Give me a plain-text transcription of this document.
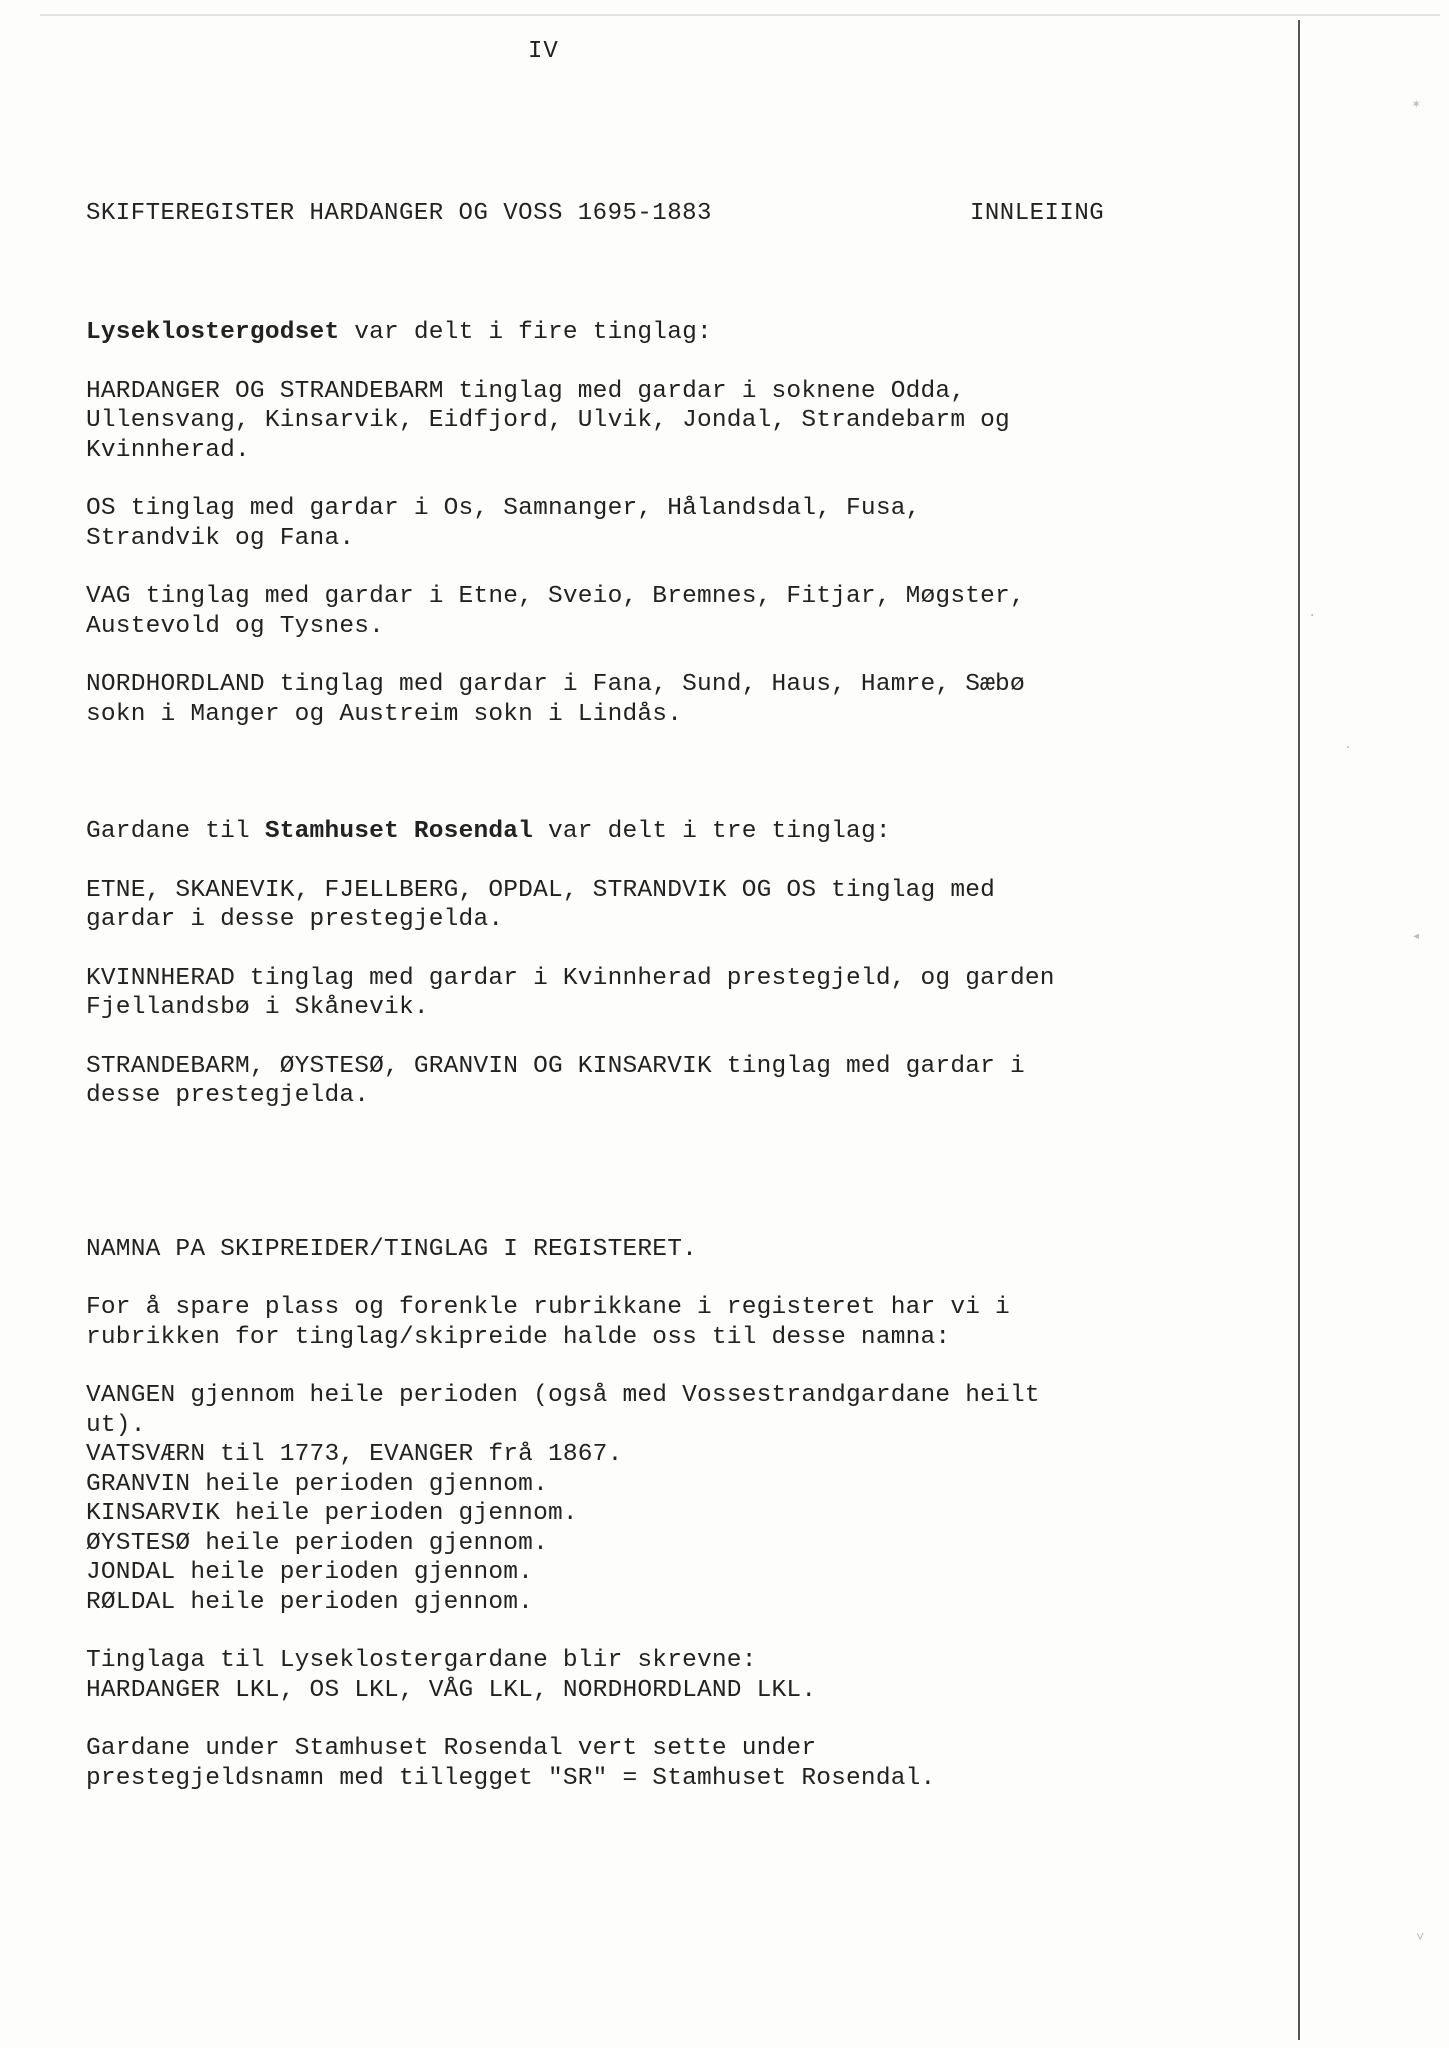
✶
·
·
◂
˅
IV
SKIFTEREGISTER HARDANGER OG VOSS 1695-1883	INNLEIING

Lyseklostergodset var delt i fire tinglag:

HARDANGER OG STRANDEBARM tinglag med gardar i soknene Odda,
Ullensvang, Kinsarvik, Eidfjord, Ulvik, Jondal, Strandebarm og
Kvinnherad.

OS tinglag med gardar i Os, Samnanger, Hålandsdal, Fusa,
Strandvik og Fana.

VAG tinglag med gardar i Etne, Sveio, Bremnes, Fitjar, Møgster,
Austevold og Tysnes.

NORDHORDLAND tinglag med gardar i Fana, Sund, Haus, Hamre, Sæbø
sokn i Manger og Austreim sokn i Lindås.

Gardane til Stamhuset Rosendal var delt i tre tinglag:

ETNE, SKANEVIK, FJELLBERG, OPDAL, STRANDVIK OG OS tinglag med
gardar i desse prestegjelda.

KVINNHERAD tinglag med gardar i Kvinnherad prestegjeld, og garden
Fjellandsbø i Skånevik.

STRANDEBARM, ØYSTESØ, GRANVIN OG KINSARVIK tinglag med gardar i
desse prestegjelda.

NAMNA PA SKIPREIDER/TINGLAG I REGISTERET.

For å spare plass og forenkle rubrikkane i registeret har vi i
rubrikken for tinglag/skipreide halde oss til desse namna:

VANGEN gjennom heile perioden (også med Vossestrandgardane heilt
ut).
VATSVÆRN til 1773, EVANGER frå 1867.
GRANVIN heile perioden gjennom.
KINSARVIK heile perioden gjennom.
ØYSTESØ heile perioden gjennom.
JONDAL heile perioden gjennom.
RØLDAL heile perioden gjennom.

Tinglaga til Lyseklostergardane blir skrevne:
HARDANGER LKL, OS LKL, VÅG LKL, NORDHORDLAND LKL.

Gardane under Stamhuset Rosendal vert sette under
prestegjeldsnamn med tillegget "SR" = Stamhuset Rosendal.
